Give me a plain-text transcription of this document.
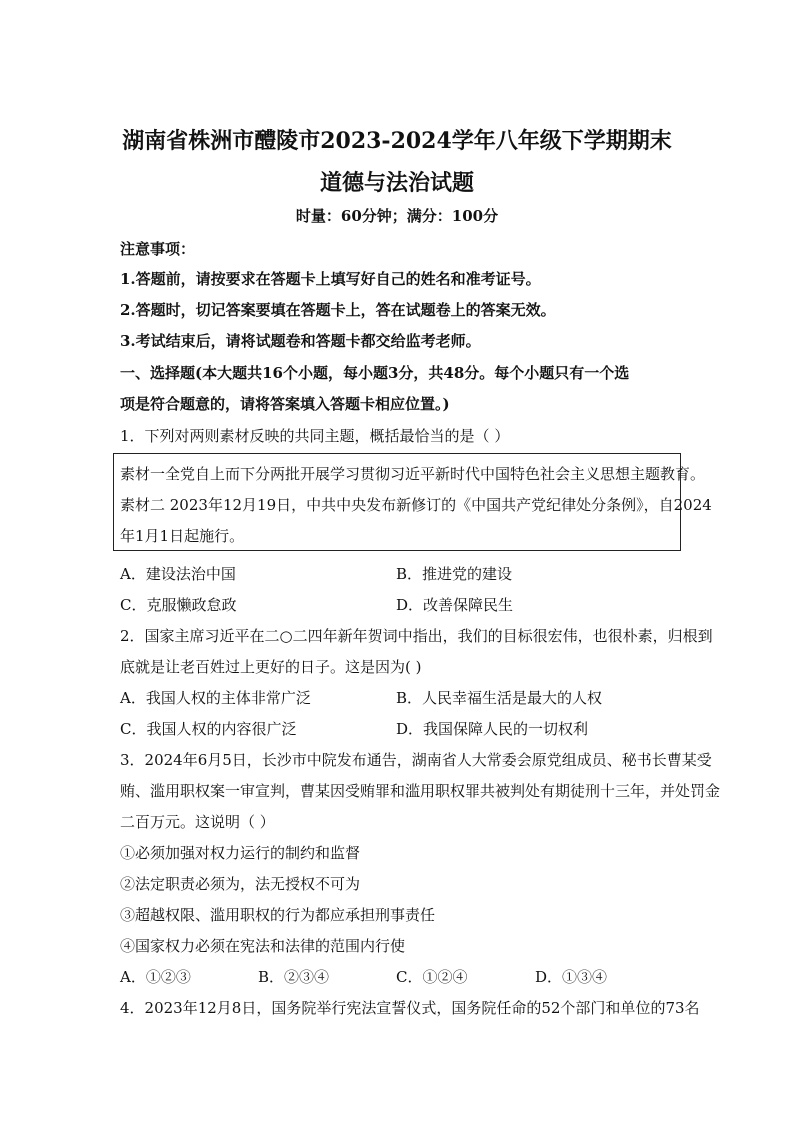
湖南省株洲市醴陵市2023-2024学年八年级下学期期末
道德与法治试题
时量：60分钟；满分：100分
注意事项：
1.答题前，请按要求在答题卡上填写好自己的姓名和准考证号。
2.答题时，切记答案要填在答题卡上，答在试题卷上的答案无效。
3.考试结束后，请将试题卷和答题卡都交给监考老师。
一、选择题(本大题共16个小题，每小题3分，共48分。每个小题只有一个选
项是符合题意的，请将答案填入答题卡相应位置。)
1．下列对两则素材反映的共同主题，概括最恰当的是（ ）
素材一全党自上而下分两批开展学习贯彻习近平新时代中国特色社会主义思想主题教育。
素材二 2023年12月19日，中共中央发布新修订的《中国共产党纪律处分条例》，自2024
年1月1日起施行。
A．建设法治中国	B．推进党的建设
C．克服懒政怠政	D．改善保障民生
2．国家主席习近平在二○二四年新年贺词中指出，我们的目标很宏伟，也很朴素，归根到
底就是让老百姓过上更好的日子。这是因为( )
A．我国人权的主体非常广泛	B．人民幸福生活是最大的人权
C．我国人权的内容很广泛	D．我国保障人民的一切权利
3．2024年6月5日，长沙市中院发布通告，湖南省人大常委会原党组成员、秘书长曹某受
贿、滥用职权案一审宣判，曹某因受贿罪和滥用职权罪共被判处有期徒刑十三年，并处罚金
二百万元。这说明（ ）
①必须加强对权力运行的制约和监督
②法定职责必须为，法无授权不可为
③超越权限、滥用职权的行为都应承担刑事责任
④国家权力必须在宪法和法律的范围内行使
A．①②③	B．②③④	C．①②④	D．①③④
4．2023年12月8日，国务院举行宪法宣誓仪式，国务院任命的52个部门和单位的73名
